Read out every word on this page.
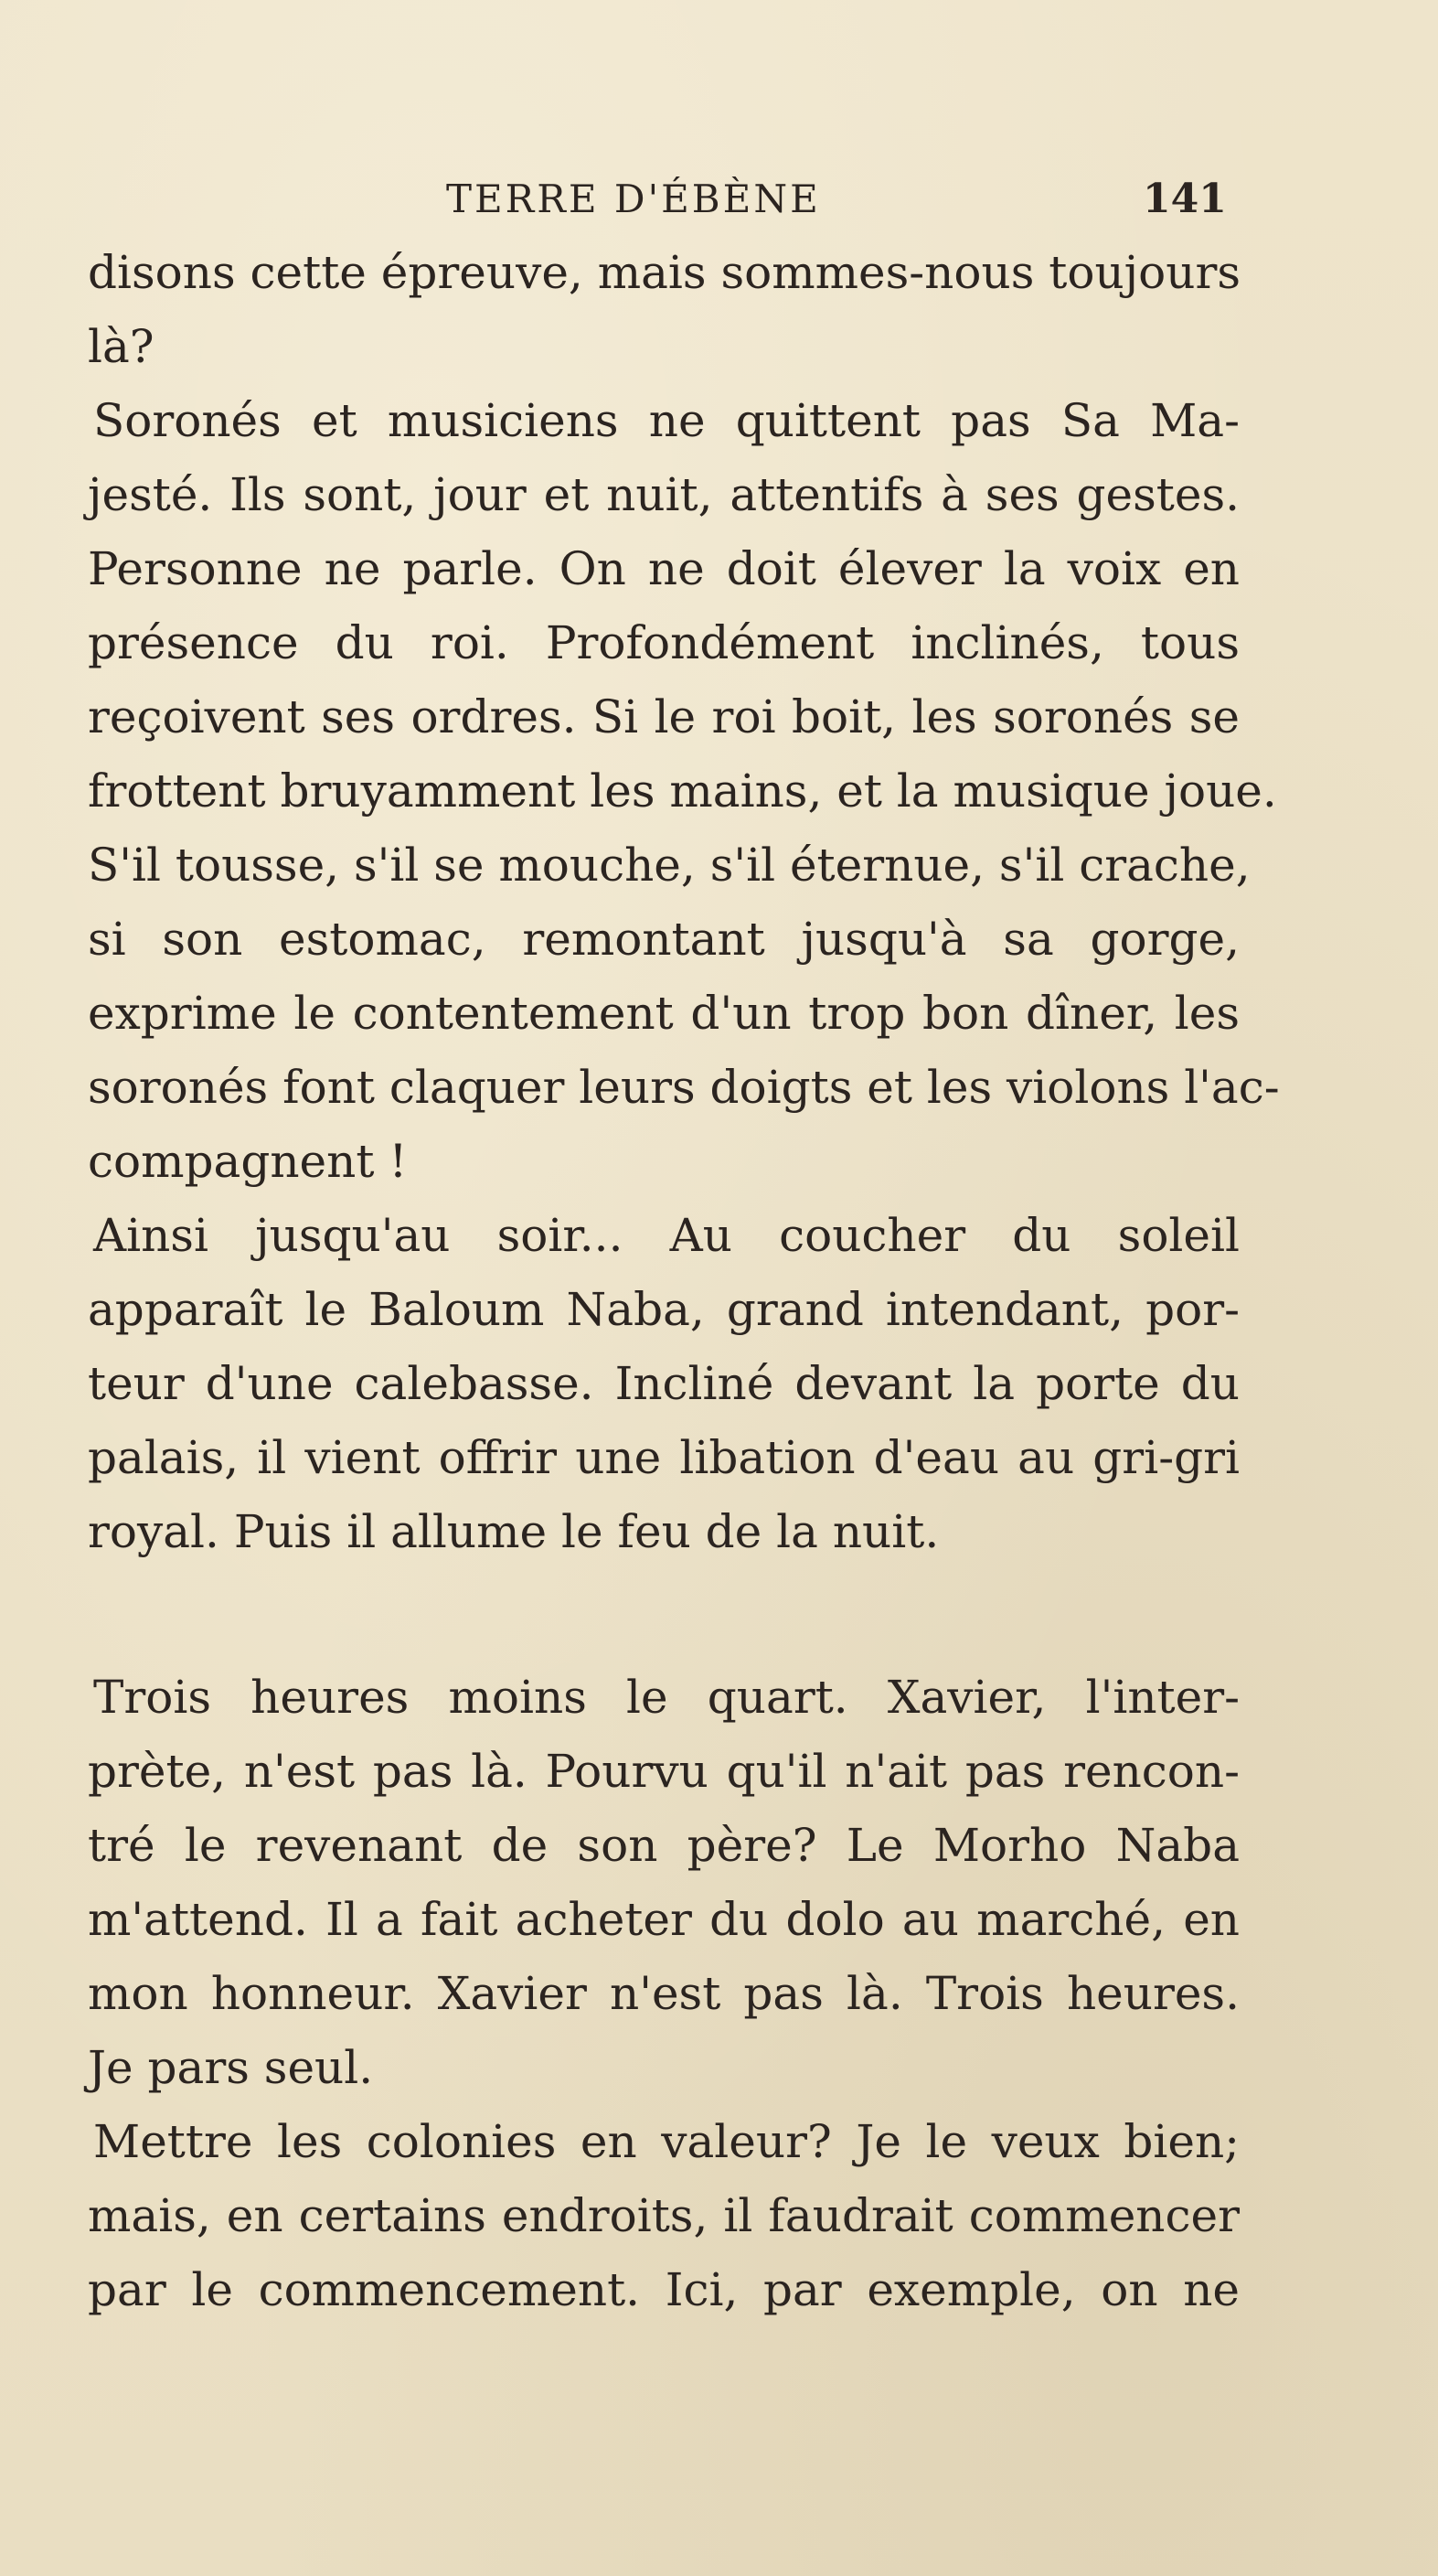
TERRE D'ÉBÈNE	141
disons cette épreuve, mais sommes-nous toujours
là?
Soronés et musiciens ne quittent pas Sa Ma-
jesté. Ils sont, jour et nuit, attentifs à ses gestes.
Personne ne parle. On ne doit élever la voix en
présence du roi. Profondément inclinés, tous
reçoivent ses ordres. Si le roi boit, les soronés se
frottent bruyamment les mains, et la musique joue.
S'il tousse, s'il se mouche, s'il éternue, s'il crache,
si son estomac, remontant jusqu'à sa gorge,
exprime le contentement d'un trop bon dîner, les
soronés font claquer leurs doigts et les violons l'ac-
compagnent !
Ainsi jusqu'au soir... Au coucher du soleil
apparaît le Baloum Naba, grand intendant, por-
teur d'une calebasse. Incliné devant la porte du
palais, il vient offrir une libation d'eau au gri-gri
royal. Puis il allume le feu de la nuit.
Trois heures moins le quart. Xavier, l'inter-
prète, n'est pas là. Pourvu qu'il n'ait pas rencon-
tré le revenant de son père? Le Morho Naba
m'attend. Il a fait acheter du dolo au marché, en
mon honneur. Xavier n'est pas là. Trois heures.
Je pars seul.
Mettre les colonies en valeur? Je le veux bien;
mais, en certains endroits, il faudrait commencer
par le commencement. Ici, par exemple, on ne
